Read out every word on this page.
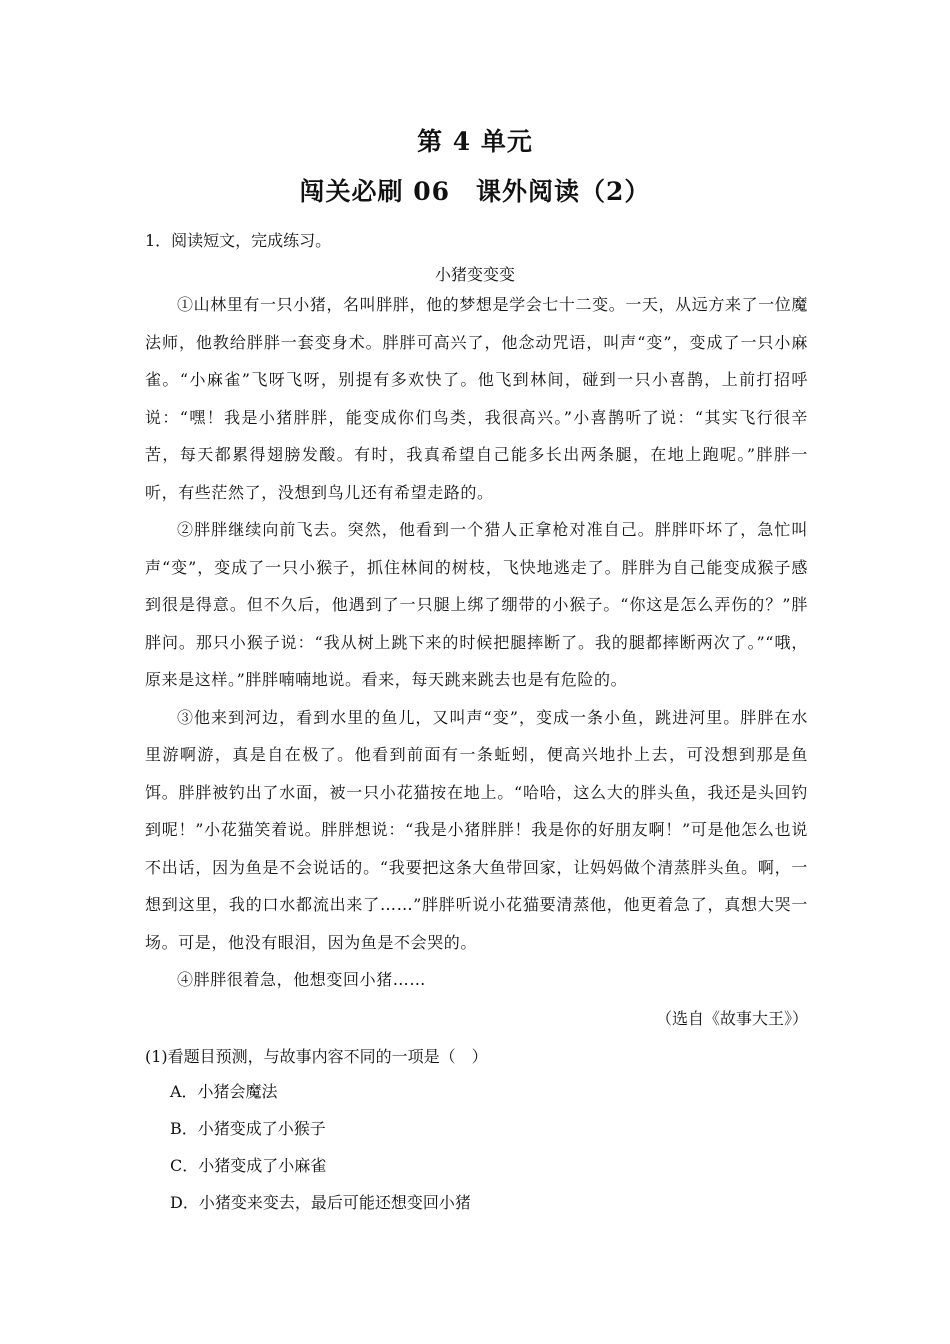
第 4 单元
闯关必刷 06　课外阅读（2）
1．阅读短文，完成练习。
小猪变变变

①山林里有一只小猪，名叫胖胖，他的梦想是学会七十二变。一天，从远方来了一位魔法师，他教给胖胖一套变身术。胖胖可高兴了，他念动咒语，叫声“变”，变成了一只小麻雀。“小麻雀”飞呀飞呀，别提有多欢快了。他飞到林间，碰到一只小喜鹊，上前打招呼说：“嘿！我是小猪胖胖，能变成你们鸟类，我很高兴。”小喜鹊听了说：“其实飞行很辛苦，每天都累得翅膀发酸。有时，我真希望自己能多长出两条腿，在地上跑呢。”胖胖一听，有些茫然了，没想到鸟儿还有希望走路的。

②胖胖继续向前飞去。突然，他看到一个猎人正拿枪对准自己。胖胖吓坏了，急忙叫声“变”，变成了一只小猴子，抓住林间的树枝，飞快地逃走了。胖胖为自己能变成猴子感到很是得意。但不久后，他遇到了一只腿上绑了绷带的小猴子。“你这是怎么弄伤的？”胖胖问。那只小猴子说：“我从树上跳下来的时候把腿摔断了。我的腿都摔断两次了。”“哦，原来是这样。”胖胖喃喃地说。看来，每天跳来跳去也是有危险的。

③他来到河边，看到水里的鱼儿，又叫声“变”，变成一条小鱼，跳进河里。胖胖在水里游啊游，真是自在极了。他看到前面有一条蚯蚓，便高兴地扑上去，可没想到那是鱼饵。胖胖被钓出了水面，被一只小花猫按在地上。“哈哈，这么大的胖头鱼，我还是头回钓到呢！”小花猫笑着说。胖胖想说：“我是小猪胖胖！我是你的好朋友啊！”可是他怎么也说不出话，因为鱼是不会说话的。“我要把这条大鱼带回家，让妈妈做个清蒸胖头鱼。啊，一想到这里，我的口水都流出来了……”胖胖听说小花猫要清蒸他，他更着急了，真想大哭一场。可是，他没有眼泪，因为鱼是不会哭的。

④胖胖很着急，他想变回小猪……

（选自《故事大王》）
(1)看题目预测，与故事内容不同的一项是（　）
A．小猪会魔法
B．小猪变成了小猴子
C．小猪变成了小麻雀
D．小猪变来变去，最后可能还想变回小猪
